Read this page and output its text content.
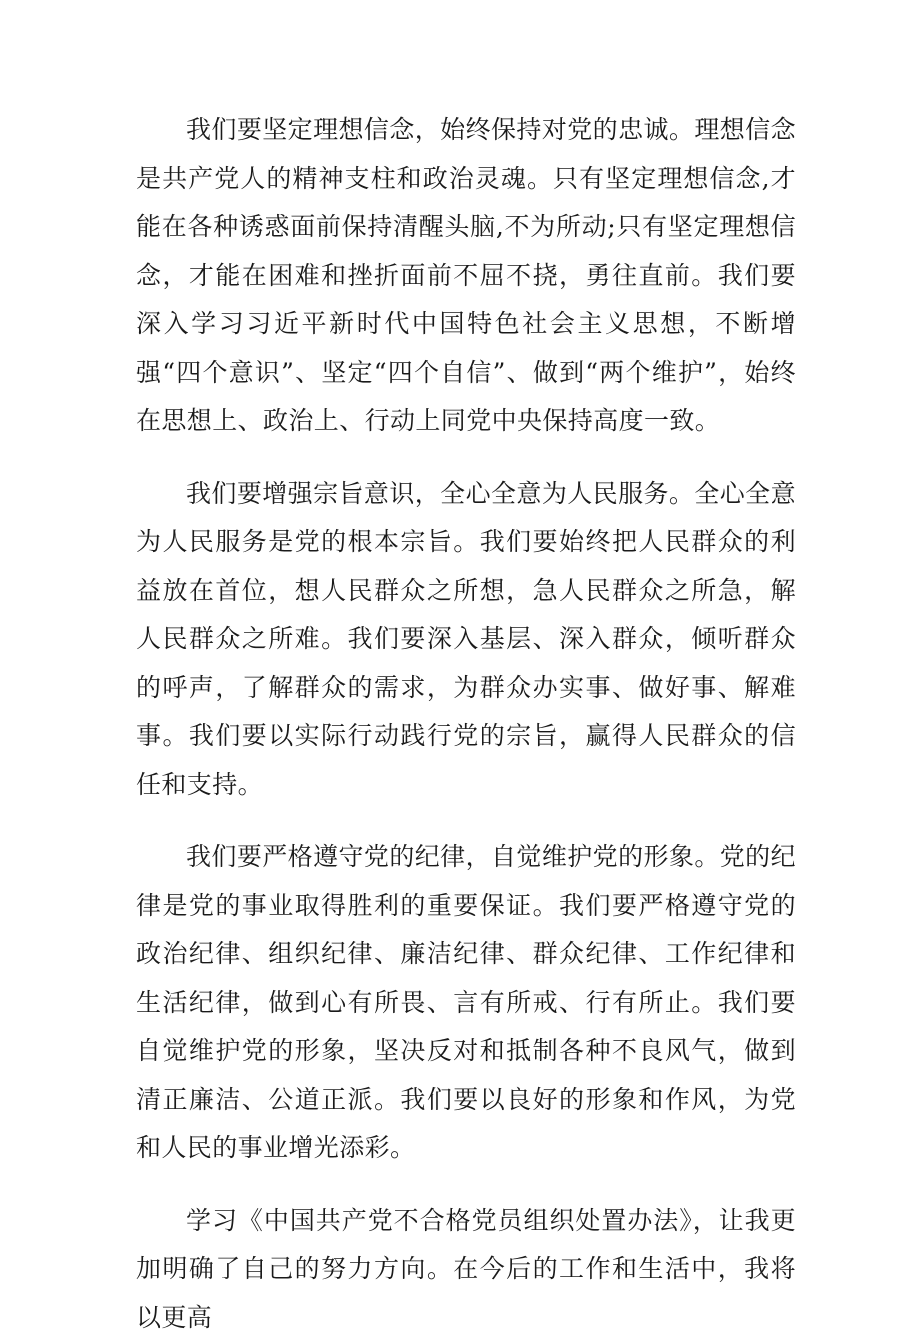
我们要坚定理想信念，始终保持对党的忠诚。理想信念是共产党人的精神支柱和政治灵魂。只有坚定理想信念,才能在各种诱惑面前保持清醒头脑,不为所动;只有坚定理想信念，才能在困难和挫折面前不屈不挠，勇往直前。我们要深入学习习近平新时代中国特色社会主义思想，不断增强“四个意识”、坚定“四个自信”、做到“两个维护”，始终在思想上、政治上、行动上同党中央保持高度一致。

我们要增强宗旨意识，全心全意为人民服务。全心全意为人民服务是党的根本宗旨。我们要始终把人民群众的利益放在首位，想人民群众之所想，急人民群众之所急，解人民群众之所难。我们要深入基层、深入群众，倾听群众的呼声，了解群众的需求，为群众办实事、做好事、解难事。我们要以实际行动践行党的宗旨，赢得人民群众的信任和支持。

我们要严格遵守党的纪律，自觉维护党的形象。党的纪律是党的事业取得胜利的重要保证。我们要严格遵守党的政治纪律、组织纪律、廉洁纪律、群众纪律、工作纪律和生活纪律，做到心有所畏、言有所戒、行有所止。我们要自觉维护党的形象，坚决反对和抵制各种不良风气，做到清正廉洁、公道正派。我们要以良好的形象和作风，为党和人民的事业增光添彩。

学习《中国共产党不合格党员组织处置办法》，让我更加明确了自己的努力方向。在今后的工作和生活中，我将以更高
